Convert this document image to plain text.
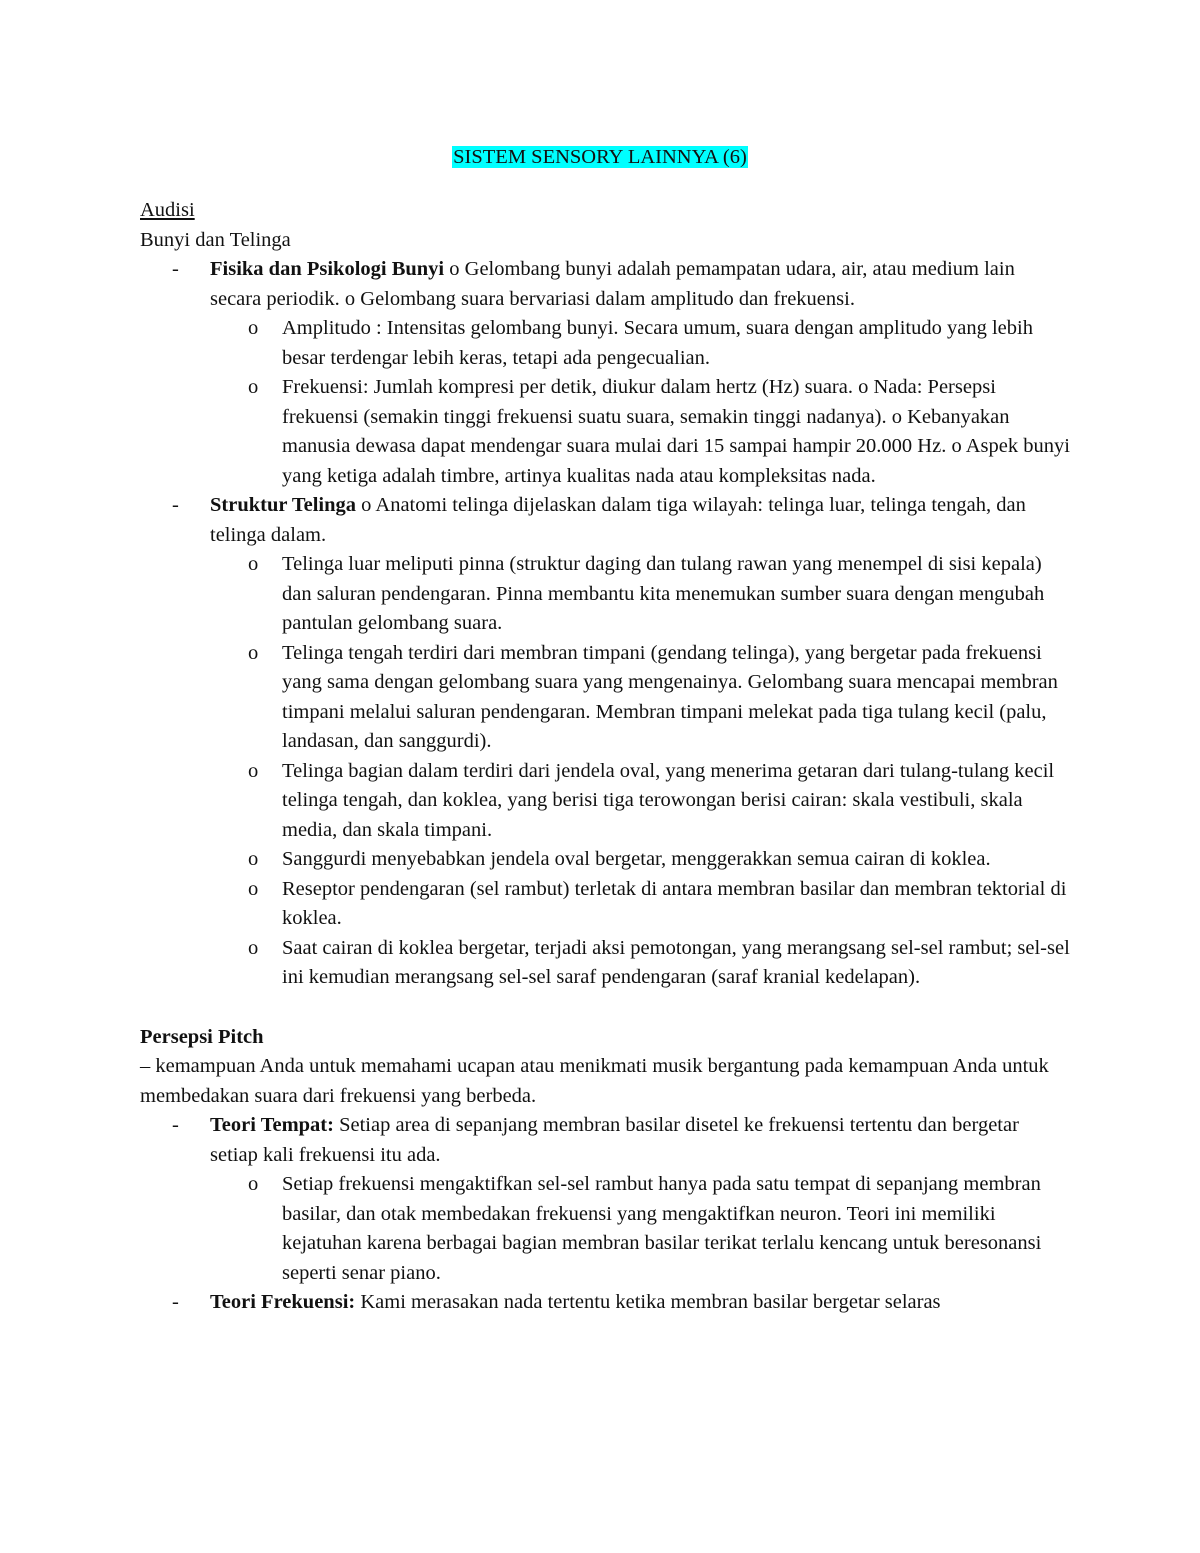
SISTEM SENSORY LAINNYA (6)

Audisi

Bunyi dan Telinga

- Fisika dan Psikologi Bunyi o Gelombang bunyi adalah pemampatan udara, air, atau medium lain secara periodik. o Gelombang suara bervariasi dalam amplitudo dan frekuensi.
o Amplitudo : Intensitas gelombang bunyi. Secara umum, suara dengan amplitudo yang lebih besar terdengar lebih keras, tetapi ada pengecualian.
o Frekuensi: Jumlah kompresi per detik, diukur dalam hertz (Hz) suara. o Nada: Persepsi frekuensi (semakin tinggi frekuensi suatu suara, semakin tinggi nadanya). o Kebanyakan manusia dewasa dapat mendengar suara mulai dari 15 sampai hampir 20.000 Hz. o Aspek bunyi yang ketiga adalah timbre, artinya kualitas nada atau kompleksitas nada.
- Struktur Telinga o Anatomi telinga dijelaskan dalam tiga wilayah: telinga luar, telinga tengah, dan telinga dalam.
o Telinga luar meliputi pinna (struktur daging dan tulang rawan yang menempel di sisi kepala) dan saluran pendengaran. Pinna membantu kita menemukan sumber suara dengan mengubah pantulan gelombang suara.
o Telinga tengah terdiri dari membran timpani (gendang telinga), yang bergetar pada frekuensi yang sama dengan gelombang suara yang mengenainya. Gelombang suara mencapai membran timpani melalui saluran pendengaran. Membran timpani melekat pada tiga tulang kecil (palu, landasan, dan sanggurdi).
o Telinga bagian dalam terdiri dari jendela oval, yang menerima getaran dari tulang-tulang kecil telinga tengah, dan koklea, yang berisi tiga terowongan berisi cairan: skala vestibuli, skala media, dan skala timpani.
o Sanggurdi menyebabkan jendela oval bergetar, menggerakkan semua cairan di koklea.
o Reseptor pendengaran (sel rambut) terletak di antara membran basilar dan membran tektorial di koklea.
o Saat cairan di koklea bergetar, terjadi aksi pemotongan, yang merangsang sel-sel rambut; sel-sel ini kemudian merangsang sel-sel saraf pendengaran (saraf kranial kedelapan).

Persepsi Pitch

– kemampuan Anda untuk memahami ucapan atau menikmati musik bergantung pada kemampuan Anda untuk membedakan suara dari frekuensi yang berbeda.

- Teori Tempat: Setiap area di sepanjang membran basilar disetel ke frekuensi tertentu dan bergetar setiap kali frekuensi itu ada.
o Setiap frekuensi mengaktifkan sel-sel rambut hanya pada satu tempat di sepanjang membran basilar, dan otak membedakan frekuensi yang mengaktifkan neuron. Teori ini memiliki kejatuhan karena berbagai bagian membran basilar terikat terlalu kencang untuk beresonansi seperti senar piano.
- Teori Frekuensi: Kami merasakan nada tertentu ketika membran basilar bergetar selaras
